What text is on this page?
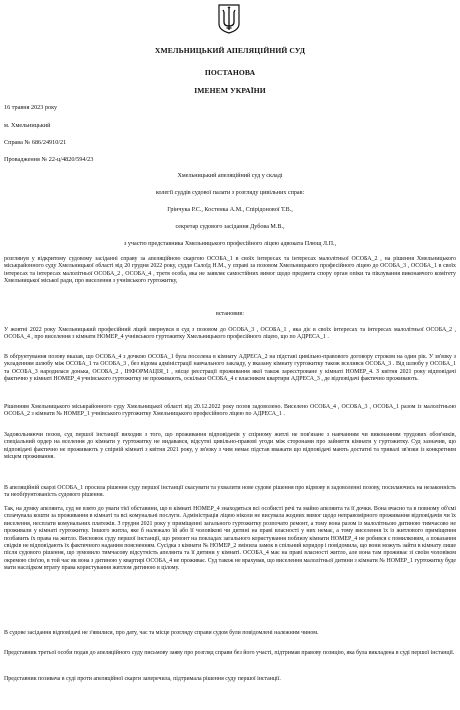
ХМЕЛЬНИЦЬКИЙ АПЕЛЯЦІЙНИЙ СУД
ПОСТАНОВА
ІМЕНЕМ УКРАЇНИ
16 травня 2023 року
м. Хмельницький
Справа № 686/24910/21
Провадження № 22-ц/4820/594/23
Хмельницький апеляційний суд у складі
колегії суддів судової палати з розгляду цивільних справ:
Грінчука Р.С., Костенка А.М., Спірідонової Т.В.,
секретар судового засідання Дубова М.В.,
з участю представника Хмельницького професійного ліцею адвоката Плющ Л.П.,

розглянув у відкритому судовому засіданні справу за апеляційною скаргою ОСОБА_1 в своїх інтересах та інтересах малолітньої ОСОБА_2 , на рішення Хмельницького міськрайонного суду Хмельницької області від 20 грудня 2022 року, суддя Салоїд Н.М., у справі за позовом Хмельницького професійного ліцею до ОСОБА_3 , ОСОБА_1 в своїх інтересах та інтересах малолітньої ОСОБА_2 , ОСОБА_4 , третя особа, яка не заявляє самостійних вимог щодо предмета спору орган опіки та піклування виконавчого комітету Хмельницької міської ради, про виселення з учнівського гуртожитку,

встановив:

У жовтні 2022 року Хмельницький професійний ліцей звернувся в суд з позовом до ОСОБА_3 , ОСОБА_1 , яка діє в своїх інтересах та інтересах малолітньої ОСОБА_2 , ОСОБА_4 , про виселення з кімнати НОМЕР_4 учнівського гуртожитку Хмельницького професійного ліцею, що по АДРЕСА_1 .

В обґрунтування позову вказав, що ОСОБА_4 з дочкою ОСОБА_1 була поселена в кімнату АДРЕСА_2 на підставі цивільно-правового договору строком на один рік. У зв'язку з укладенням шлюбу між ОСОБА_1 та ОСОБА_3 , без відома адміністрації навчального закладу, у вказану кімнату гуртожитку також вселився ОСОБА_3 . Від шлюбу у ОСОБА_1 та ОСОБА_3 народилася донька, ОСОБА_2 , ІНФОРМАЦІЯ_1 , місце реєстрації проживання якої також зареєстроване у кімнаті НОМЕР_4. З квітня 2021 року відповідачі фактично у кімнаті НОМЕР_4 учнівського гуртожитку не проживають, оскільки ОСОБА_4 є власником квартири АДРЕСА_3 , де відповідачі фактично проживають.

Рішенням Хмельницького міськрайонного суду Хмельницької області від 20.12.2022 року позов задоволено. Виселено ОСОБА_4 , ОСОБА_3 , ОСОБА_1 разом із малолітньою ОСОБА_2 з кімнати № НОМЕР_1 учнівського гуртожитку Хмельницького професійного ліцею по АДРЕСА_1 .

Задовольняючи позов, суд першої інстанції виходив з того, що проживання відповідачів у спірному житлі не пов'язане з навчанням чи виконанням трудових обов'язків, спеціальний ордер на вселення до кімнати у гуртожитку не видавався, відсутні цивільно-правові угоди між сторонами про зайняття кімнати у гуртожитку. Суд зазначив, що відповідачі фактично не проживають у спірній кімнаті з квітня 2021 року, у зв'язку з чим немає підстав вважати що відповідачі мають достатні та тривалі зв'язки із конкретним місцем проживання.

В апеляційній скарзі ОСОБА_1 просила рішення суду першої інстанції скасувати та ухвалити нове судове рішення про відмову в задоволенні позову, посилаючись на незаконність та необґрунтованість судового рішення.

Так, на думку апелянта, суд не взято до уваги тієї обставини, що в кімнаті НОМЕР_4 знаходяться всі особисті речі та майно апелянта та її дочки. Вона вчасно та в повному об'ємі сплачувала кошти за проживання в кімнаті та всі комунальні послуги. Адміністрація ліцею ніколи не висувала жодних вимог щодо неправомірного проживання відповідачів чи їх виселення, несплати комунальних платежів. З грудня 2021 року у приміщенні загального гуртожитку розпочато ремонт, а тому вона разом із малолітньою дитиною тимчасово не проживали у кімнаті гуртожитку. Іншого житла, яке б належало їй або її чоловікові чи дитині на праві власності у них немає, а тому виселення їх із житлового приміщення позбавить їх права на житло. Висновок суду першої інстанції, що ремонт на покладах загального користування поблизу кімнати НОМЕР_4 не робився є помилковим, а показання свідків не відповідають їх фактичного наданим поясненням. Сусідка з кімнати № НОМЕР_2 змінила замок в спільний коридор і повідомила, що вони можуть зайти в кімнату лише після судового рішення, що зумовило тимчасову відсутність апелянта та її дитини у кімнаті. ОСОБА_4 має на праві власності житло, але вона там проживає зі своїм чоловіком окремою сім'єю, в той час як вона з дитиною у квартирі ОСОБА_4 не проживає. Суд також не врахував, що виселення малолітньої дитини з кімнати № НОМЕР_1 гуртожитку буде мати наслідком втрату права користування житлом дитиною в цілому.

В судове засідання відповідачі не з'явилися, про дату, час та місце розгляду справи судом були повідомлені належним чином.

Представник третьої особи подав до апеляційного суду письмову заяву про розгляд справи без його участі, підтримав правову позицію, яка була викладена в суді першої інстанції.

Представник позивача в суді проти апеляційної скарги заперечила, підтримала рішення суду першої інстанції.
